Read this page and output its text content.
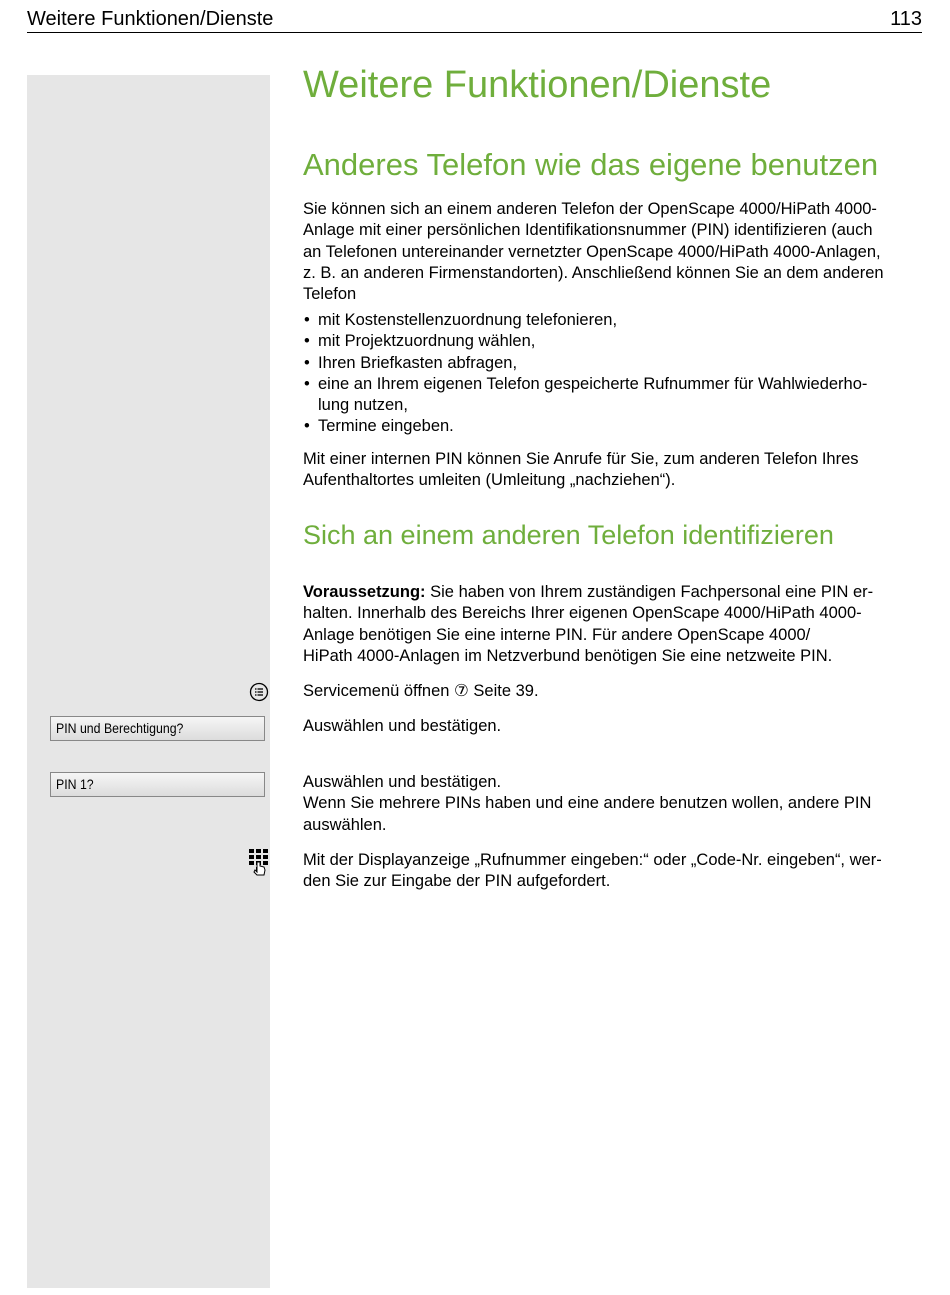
Weitere Funktionen/Dienste	113
PIN und Berechtigung?
PIN 1?
Weitere Funktionen/Dienste
Anderes Telefon wie das eigene benutzen

Sie können sich an einem anderen Telefon der OpenScape 4000/HiPath 4000-
Anlage mit einer persönlichen Identifikationsnummer (PIN) identifizieren (auch
an Telefonen untereinander vernetzter OpenScape 4000/HiPath 4000-Anlagen,
z. B. an anderen Firmenstandorten). Anschließend können Sie an dem anderen
Telefon

• mit Kostenstellenzuordnung telefonieren,
• mit Projektzuordnung wählen,
• Ihren Briefkasten abfragen,
• eine an Ihrem eigenen Telefon gespeicherte Rufnummer für Wahlwiederho-
lung nutzen,
• Termine eingeben.

Mit einer internen PIN können Sie Anrufe für Sie, zum anderen Telefon Ihres
Aufenthaltortes umleiten (Umleitung „nachziehen“).

Sich an einem anderen Telefon identifizieren

Voraussetzung: Sie haben von Ihrem zuständigen Fachpersonal eine PIN er-
halten. Innerhalb des Bereichs Ihrer eigenen OpenScape 4000/HiPath 4000-
Anlage benötigen Sie eine interne PIN. Für andere OpenScape 4000/
HiPath 4000-Anlagen im Netzverbund benötigen Sie eine netzweite PIN.

Servicemenü öffnen ⑦ Seite 39.

Auswählen und bestätigen.

Auswählen und bestätigen.
Wenn Sie mehrere PINs haben und eine andere benutzen wollen, andere PIN
auswählen.

Mit der Displayanzeige „Rufnummer eingeben:“ oder „Code-Nr. eingeben“, wer-
den Sie zur Eingabe der PIN aufgefordert.
